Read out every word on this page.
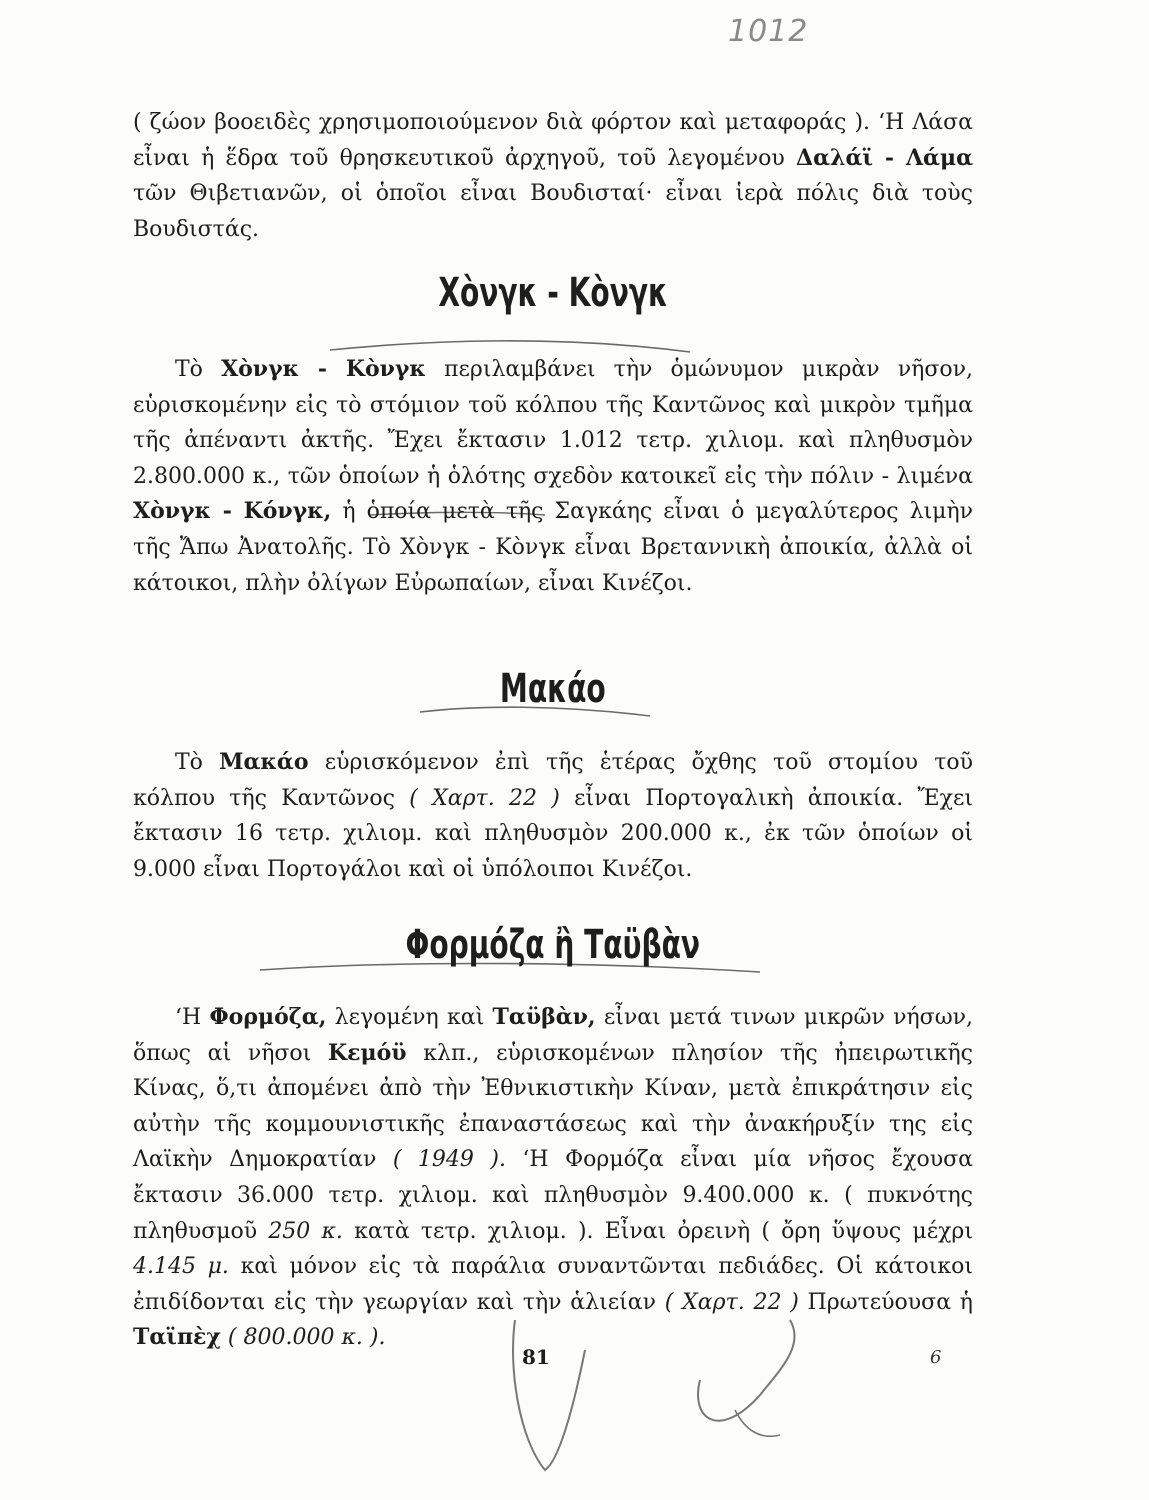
1012

( ζώον βοοειδὲς χρησιμοποιούμενον διὰ φόρτον καὶ μεταφοράς ). ‘Η Λάσα εἶναι ἡ ἕδρα τοῦ θρησκευτικοῦ ἀρχηγοῦ, τοῦ λεγομένου Δαλάϊ - Λάμα τῶν Θιβετιανῶν, οἱ ὁποῖοι εἶναι Βουδισταί· εἶναι ἱερὰ πόλις διὰ τοὺς Βουδιστάς.

Χὸνγκ - Κὸνγκ

Τὸ Χὸνγκ - Κὸνγκ περιλαμβάνει τὴν ὁμώνυμον μικρὰν νῆσον, εὑρισκομένην εἰς τὸ στόμιον τοῦ κόλπου τῆς Καντῶνος καὶ μικρὸν τμῆμα τῆς ἀπέναντι ἀκτῆς. Ἔχει ἔκτασιν 1.012 τετρ. χιλιομ. καὶ πληθυσμὸν 2.800.000 κ., τῶν ὁποίων ἡ ὁλότης σχεδὸν κατοικεῖ εἰς τὴν πόλιν - λιμένα Χὸνγκ - Κόνγκ, ἡ ὁποία μετὰ τῆς Σαγκάης εἶναι ὁ μεγαλύτερος λιμὴν τῆς Ἄπω Ἀνατολῆς. Τὸ Χὸνγκ - Κὸνγκ εἶναι Βρεταννικὴ ἀποικία, ἀλλὰ οἱ κάτοικοι, πλὴν ὀλίγων Εὐρωπαίων, εἶναι Κινέζοι.

Μακάο

Τὸ Μακάο εὑρισκόμενον ἐπὶ τῆς ἑτέρας ὄχθης τοῦ στομίου τοῦ κόλπου τῆς Καντῶνος ( Χαρτ. 22 ) εἶναι Πορτογαλικὴ ἀποικία. Ἔχει ἔκτασιν 16 τετρ. χιλιομ. καὶ πληθυσμὸν 200.000 κ., ἐκ τῶν ὁποίων οἱ 9.000 εἶναι Πορτογάλοι καὶ οἱ ὑπόλοιποι Κινέζοι.

Φορμόζα ἢ Ταϋβὰν

‘Η Φορμόζα, λεγομένη καὶ Ταϋβὰν, εἶναι μετά τινων μικρῶν νήσων, ὅπως αἱ νῆσοι Κεμόϋ κλπ., εὑρισκομένων πλησίον τῆς ἠπειρωτικῆς Κίνας, ὅ,τι ἀπομένει ἀπὸ τὴν Ἐθνικιστικὴν Κίναν, μετὰ ἐπικράτησιν εἰς αὐτὴν τῆς κομμουνιστικῆς ἐπαναστάσεως καὶ τὴν ἀνακήρυξίν της εἰς Λαϊκὴν Δημοκρατίαν ( 1949 ). ‘Η Φορμόζα εἶναι μία νῆσος ἔχουσα ἔκτασιν 36.000 τετρ. χιλιομ. καὶ πληθυσμὸν 9.400.000 κ. ( πυκνότης πληθυσμοῦ 250 κ. κατὰ τετρ. χιλιομ. ). Εἶναι ὀρεινὴ ( ὄρη ὕψους μέχρι 4.145 μ. καὶ μόνον εἰς τὰ παράλια συναντῶνται πεδιάδες. Οἱ κάτοικοι ἐπιδίδονται εἰς τὴν γεωργίαν καὶ τὴν ἁλιείαν ( Χαρτ. 22 ) Πρωτεύουσα ἡ Ταϊπὲχ ( 800.000 κ. ).

81	6
